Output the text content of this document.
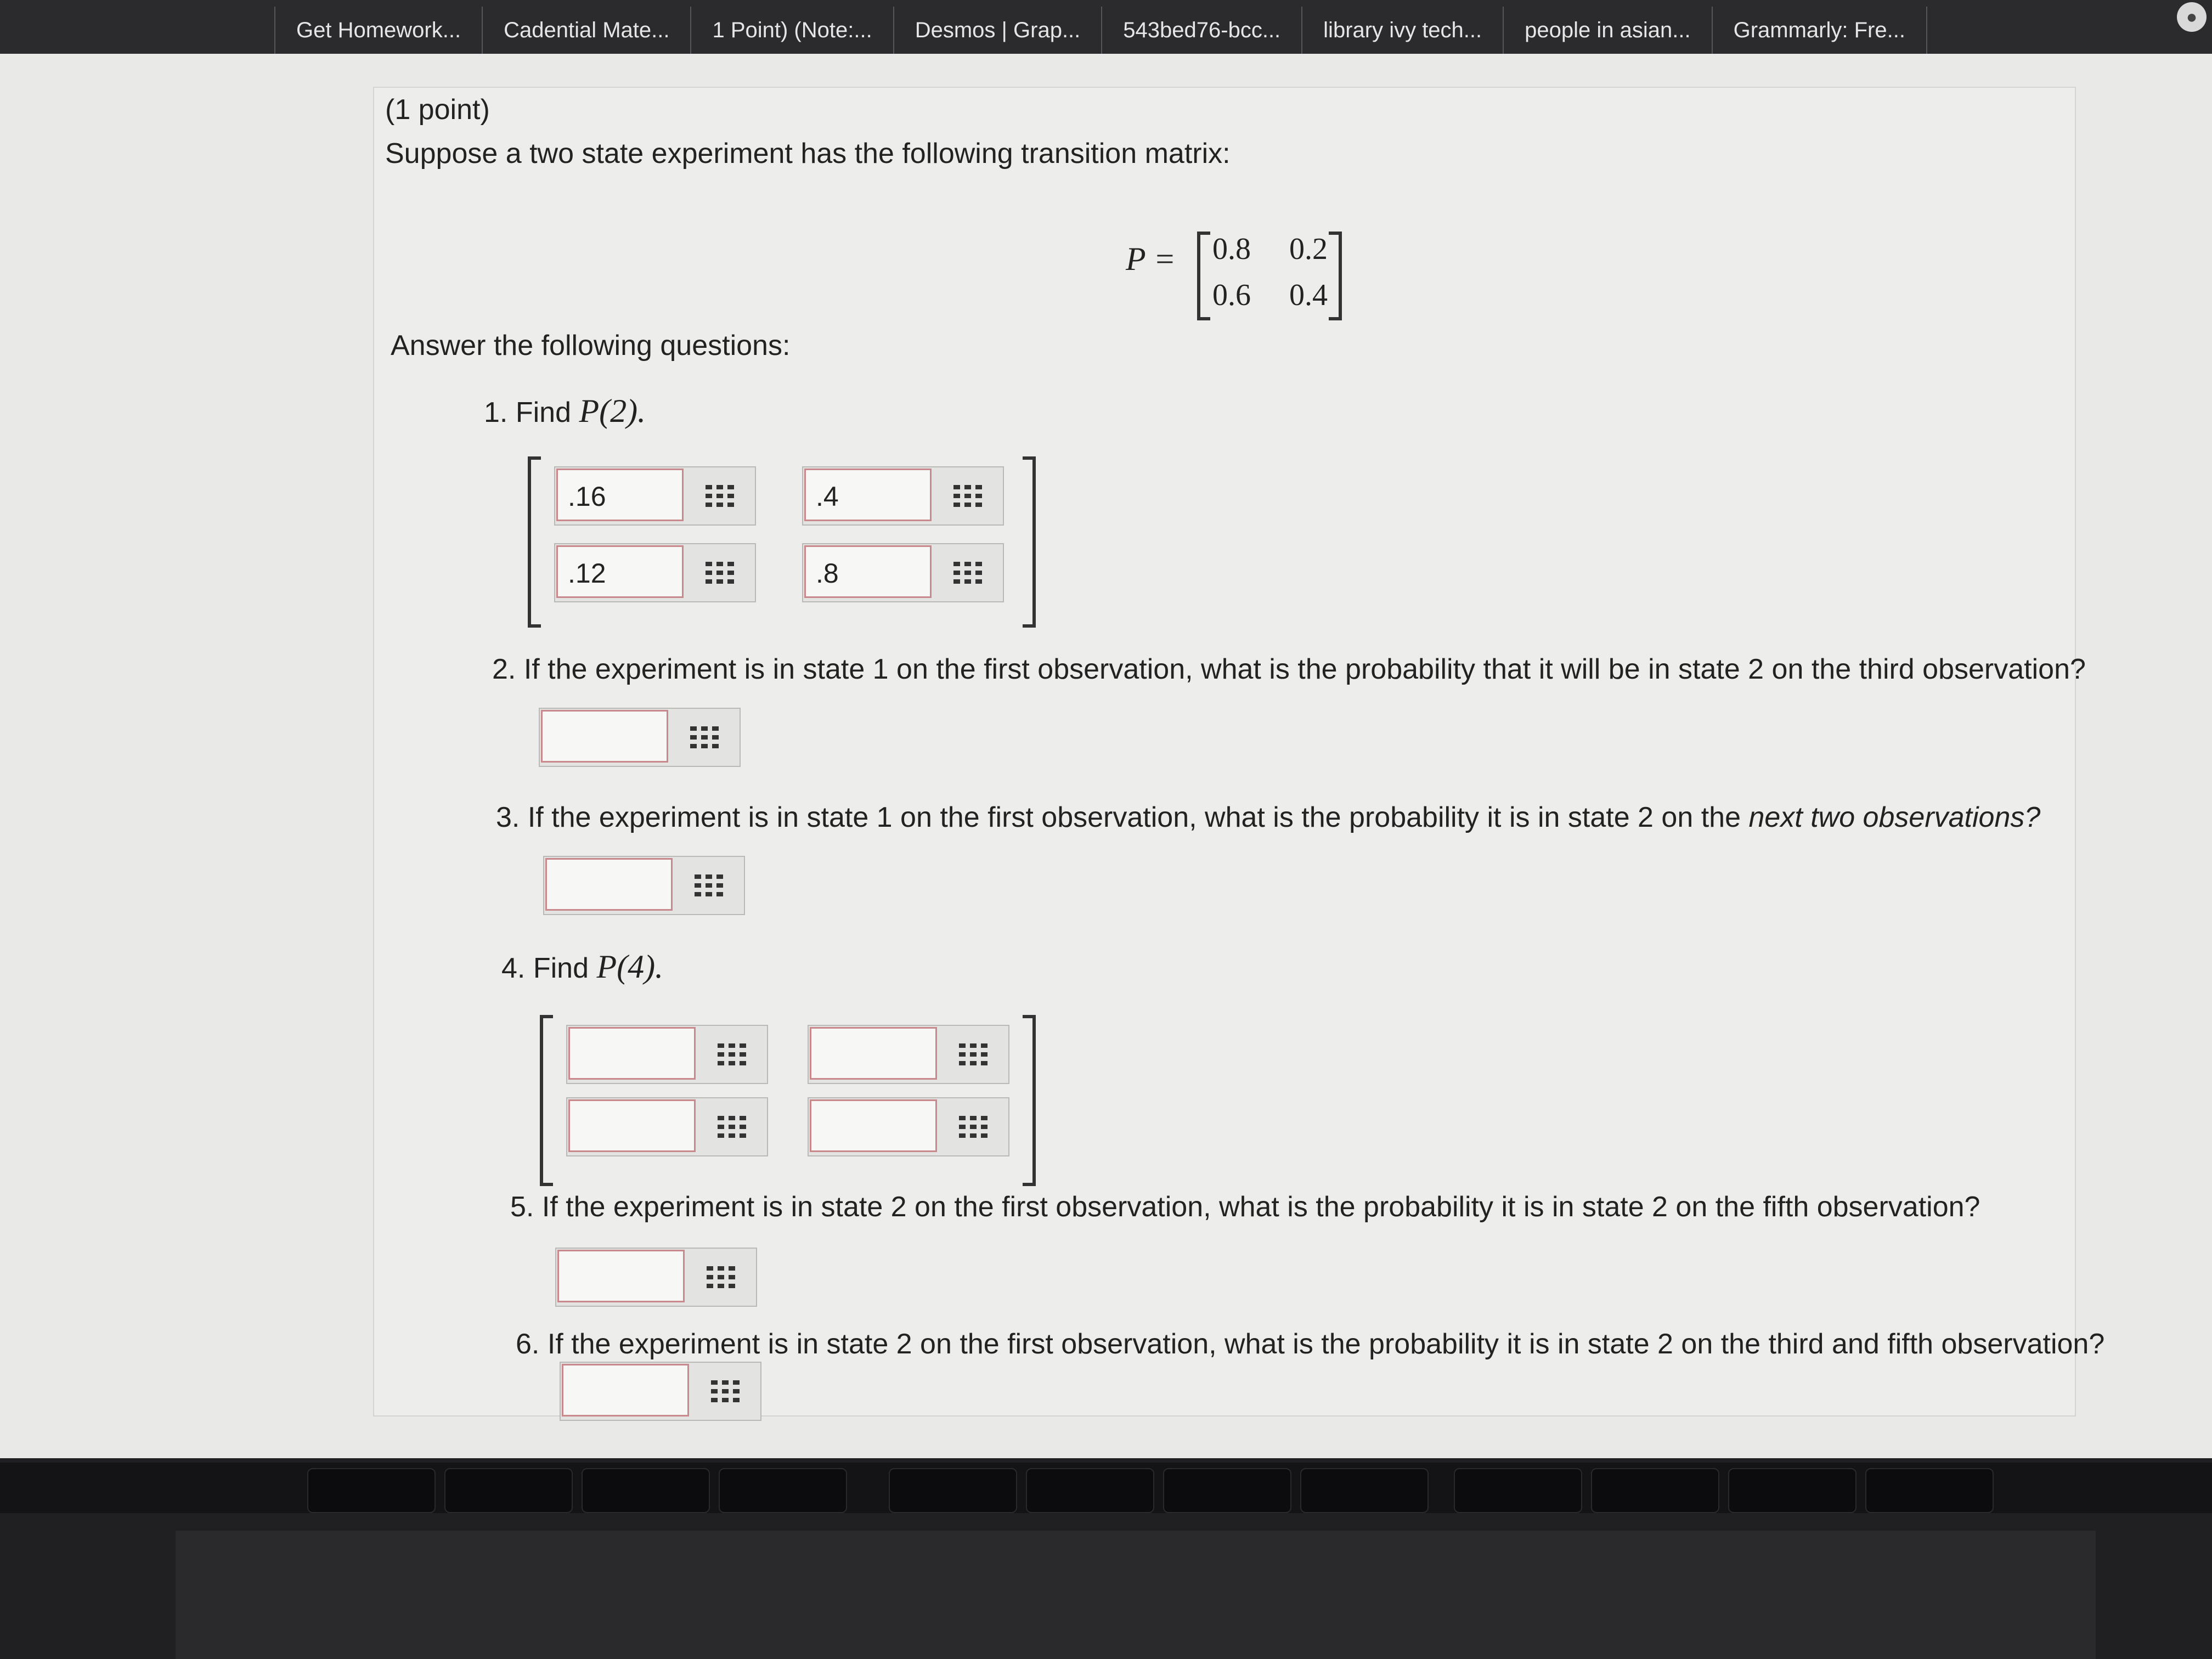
Get Homework...	Cadential Mate...	1 Point) (Note:...	Desmos | Grap...	543bed76-bcc...	library ivy tech...	people in asian...	Grammarly: Fre...
●
(1 point)
Suppose a two state experiment has the following transition matrix:
P = 0.8 0.2
0.6 0.4
Answer the following questions:
1. Find P(2).
.16	.4
.12	.8
2. If the experiment is in state 1 on the first observation, what is the probability that it will be in state 2 on the third observation?
3. If the experiment is in state 1 on the first observation, what is the probability it is in state 2 on the next two observations?
4. Find P(4).
5. If the experiment is in state 2 on the first observation, what is the probability it is in state 2 on the fifth observation?
6. If the experiment is in state 2 on the first observation, what is the probability it is in state 2 on the third and fifth observation?
